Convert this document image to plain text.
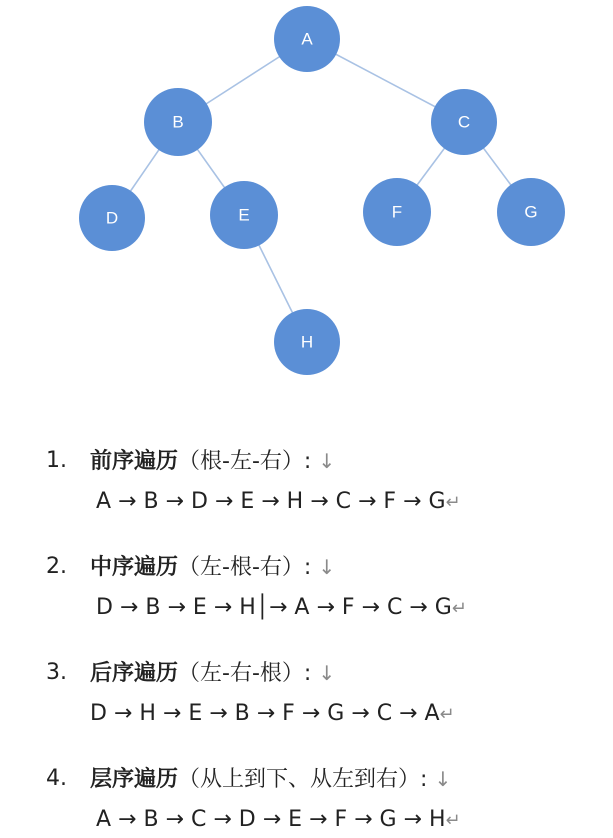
A
B	C
D	E	F	G
H
1. 前序遍历（根-左-右）: ↓
A → B → D → E → H → C → F → G↵
2. 中序遍历（左-根-右）: ↓
D → B → E → H│→ A → F → C → G↵
3. 后序遍历（左-右-根）: ↓
D → H → E → B → F → G → C → A↵
4. 层序遍历（从上到下、从左到右）: ↓
A → B → C → D → E → F → G → H↵
